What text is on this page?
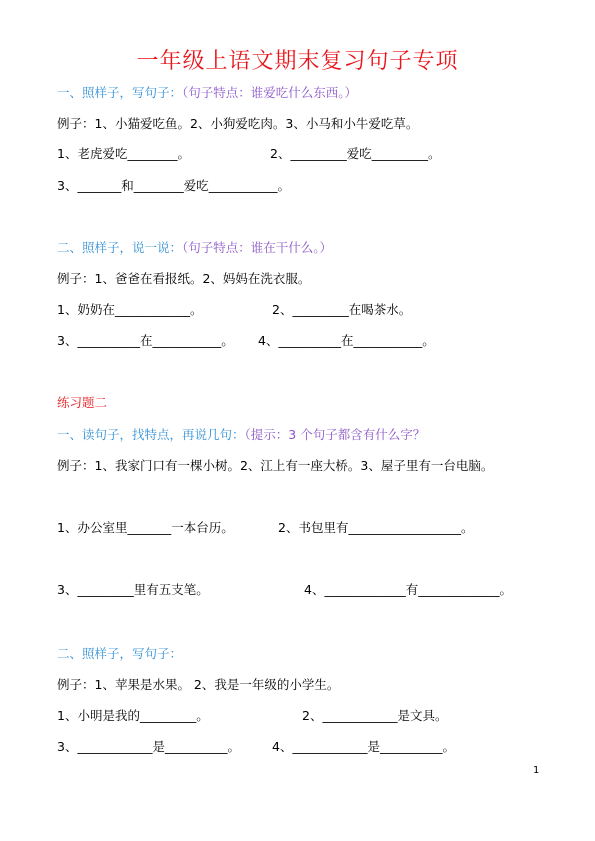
一年级上语文期末复习句子专项
一、照样子，写句子：（句子特点：谁爱吃什么东西。）
例子：1、小猫爱吃鱼。2、小狗爱吃肉。3、小马和小牛爱吃草。
1、老虎爱吃________。	2、_________爱吃_________。
3、_______和________爱吃___________。
二、照样子，说一说：（句子特点：谁在干什么。）
例子：1、爸爸在看报纸。2、妈妈在洗衣服。
1、奶奶在____________。	2、_________在喝茶水。
3、__________在___________。 4、__________在___________。
练习题二
一、读句子，找特点，再说几句：（提示：3 个句子都含有什么字？
例子：1、我家门口有一棵小树。2、江上有一座大桥。3、屋子里有一台电脑。
1、办公室里_______一本台历。	2、书包里有__________________。
3、_________里有五支笔。	4、_____________有_____________。
二、照样子，写句子：
例子：1、苹果是水果。 2、我是一年级的小学生。
1、小明是我的_________。	2、____________是文具。
3、____________是__________。	4、____________是__________。
1
